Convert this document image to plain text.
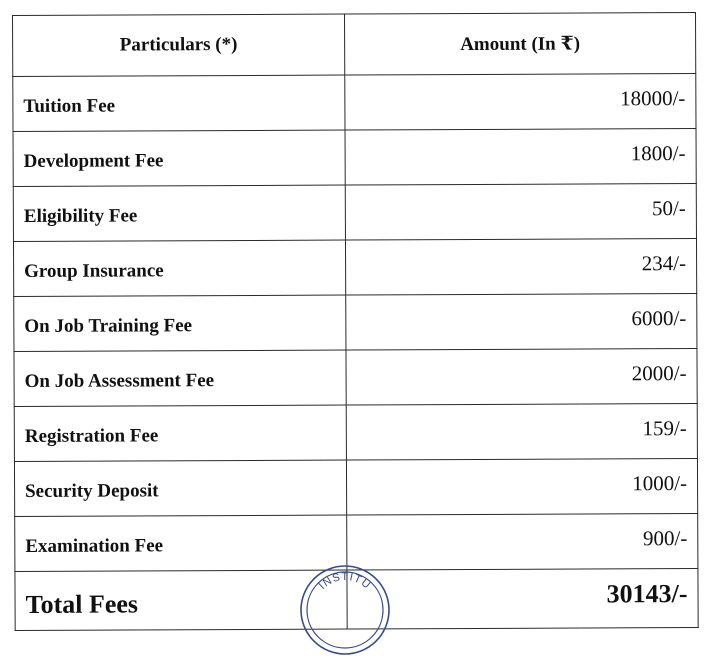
Particulars (*)	Amount (In ₹)
Tuition Fee	18000/-
Development Fee	1800/-
Eligibility Fee	50/-
Group Insurance	234/-
On Job Training Fee	6000/-
On Job Assessment Fee	2000/-
Registration Fee	159/-
Security Deposit	1000/-
Examination Fee	900/-
Total Fees	30143/-
INSTITU
